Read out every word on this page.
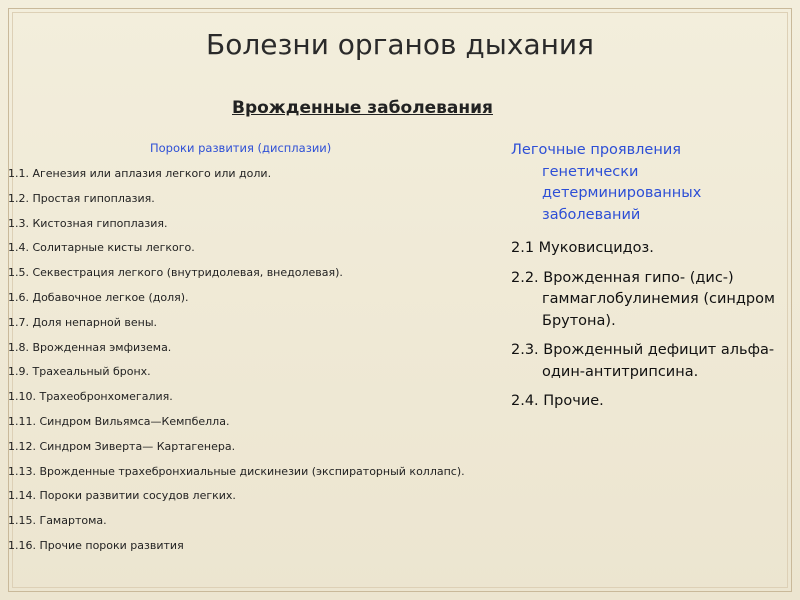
Болезни органов дыхания
Врожденные заболевания
Пороки развития (дисплазии)
1.1. Агенезия или аплазия легкого или доли.
1.2. Простая гипоплазия.
1.3. Кистозная гипоплазия.
1.4. Солитарные кисты легкого.
1.5. Секвестрация легкого (внутридолевая, внедолевая).
1.6. Добавочное легкое (доля).
1.7. Доля непарной вены.
1.8. Врожденная эмфизема.
1.9. Трахеальный бронх.
1.10. Трахеобронхомегалия.
1.11. Синдром Вильямса—Кемпбелла.
1.12. Синдром Зиверта— Картагенера.
1.13. Врожденные трахебронхиальные дискинезии (экспираторный коллапс).
1.14. Пороки развитии сосудов легких.
1.15. Гамартома.
1.16. Прочие пороки развития
Легочные проявления генетически детерминированных заболеваний
2.1 Муковисцидоз.
2.2. Врожденная гипо- (дис-) гаммаглобулинемия (синдром Брутона).
2.3. Врожденный дефицит альфа-один-антитрипсина.
2.4. Прочие.
